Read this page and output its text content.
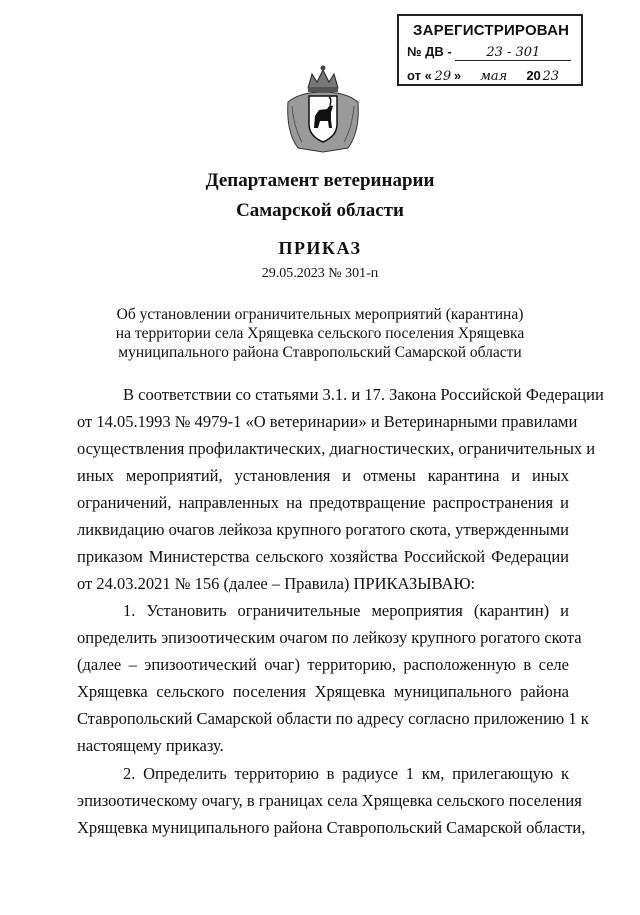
ЗАРЕГИСТРИРОВАН
№ ДВ -	23 - 301
от « 29 » мая 20 23
Департамент ветеринарии
Самарской области
ПРИКАЗ
29.05.2023 № 301-п
Об установлении ограничительных мероприятий (карантина)
на территории села Хрящевка сельского поселения Хрящевка
муниципального района Ставропольский Самарской области
В соответствии со статьями 3.1. и 17. Закона Российской Федерации
от 14.05.1993 № 4979-1 «О ветеринарии» и Ветеринарными правилами
осуществления профилактических, диагностических, ограничительных и
иных мероприятий, установления и отмены карантина и иных
ограничений, направленных на предотвращение распространения и
ликвидацию очагов лейкоза крупного рогатого скота, утвержденными
приказом Министерства сельского хозяйства Российской Федерации
от 24.03.2021 № 156 (далее – Правила) ПРИКАЗЫВАЮ:
1. Установить ограничительные мероприятия (карантин) и
определить эпизоотическим очагом по лейкозу крупного рогатого скота
(далее – эпизоотический очаг) территорию, расположенную в селе
Хрящевка сельского поселения Хрящевка муниципального района
Ставропольский Самарской области по адресу согласно приложению 1 к
настоящему приказу.
2. Определить территорию в радиусе 1 км, прилегающую к
эпизоотическому очагу, в границах села Хрящевка сельского поселения
Хрящевка муниципального района Ставропольский Самарской области,
